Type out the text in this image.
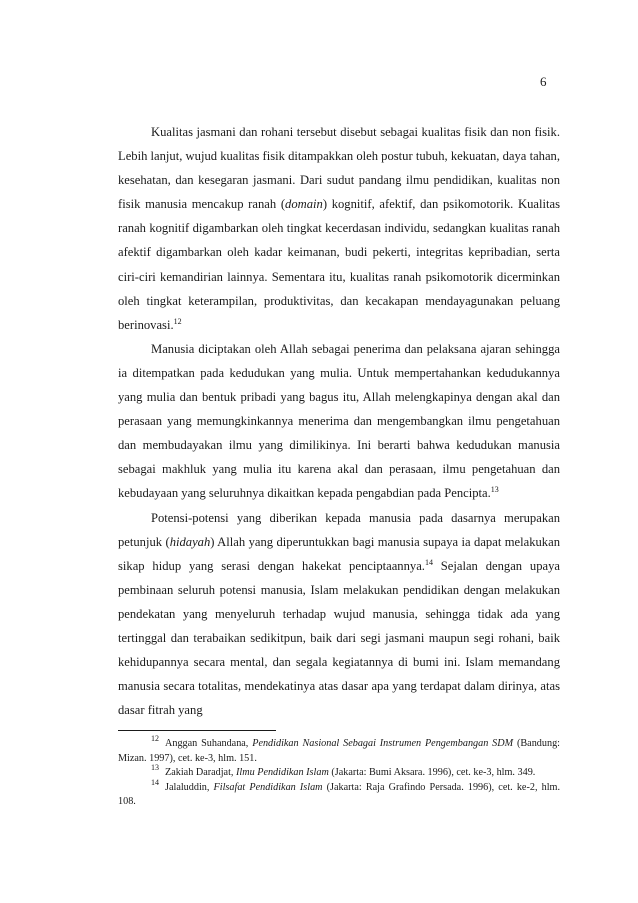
6

Kualitas jasmani dan rohani tersebut disebut sebagai kualitas fisik dan non fisik. Lebih lanjut, wujud kualitas fisik ditampakkan oleh postur tubuh, kekuatan, daya tahan, kesehatan, dan kesegaran jasmani. Dari sudut pandang ilmu pendidikan, kualitas non fisik manusia mencakup ranah (domain) kognitif, afektif, dan psikomotorik. Kualitas ranah kognitif digambarkan oleh tingkat kecerdasan individu, sedangkan kualitas ranah afektif digambarkan oleh kadar keimanan, budi pekerti, integritas kepribadian, serta ciri-ciri kemandirian lainnya. Sementara itu, kualitas ranah psikomotorik dicerminkan oleh tingkat keterampilan, produktivitas, dan kecakapan mendayagunakan peluang berinovasi.$^{12}$

Manusia diciptakan oleh Allah sebagai penerima dan pelaksana ajaran sehingga ia ditempatkan pada kedudukan yang mulia. Untuk mempertahankan kedudukannya yang mulia dan bentuk pribadi yang bagus itu, Allah melengkapinya dengan akal dan perasaan yang memungkinkannya menerima dan mengembangkan ilmu pengetahuan dan membudayakan ilmu yang dimilikinya. Ini berarti bahwa kedudukan manusia sebagai makhluk yang mulia itu karena akal dan perasaan, ilmu pengetahuan dan kebudayaan yang seluruhnya dikaitkan kepada pengabdian pada Pencipta.$^{13}$

Potensi-potensi yang diberikan kepada manusia pada dasarnya merupakan petunjuk (hidayah) Allah yang diperuntukkan bagi manusia supaya ia dapat melakukan sikap hidup yang serasi dengan hakekat penciptaannya.$^{14}$ Sejalan dengan upaya pembinaan seluruh potensi manusia, Islam melakukan pendidikan dengan melakukan pendekatan yang menyeluruh terhadap wujud manusia, sehingga tidak ada yang tertinggal dan terabaikan sedikitpun, baik dari segi jasmani maupun segi rohani, baik kehidupannya secara mental, dan segala kegiatannya di bumi ini. Islam memandang manusia secara totalitas, mendekatinya atas dasar apa yang terdapat dalam dirinya, atas dasar fitrah yang

$^{12}$ Anggan Suhandana, Pendidikan Nasional Sebagai Instrumen Pengembangan SDM (Bandung: Mizan. 1997), cet. ke-3, hlm. 151.

$^{13}$ Zakiah Daradjat, Ilmu Pendidikan Islam (Jakarta: Bumi Aksara. 1996), cet. ke-3, hlm. 349.

$^{14}$ Jalaluddin, Filsafat Pendidikan Islam (Jakarta: Raja Grafindo Persada. 1996), cet. ke-2, hlm. 108.
